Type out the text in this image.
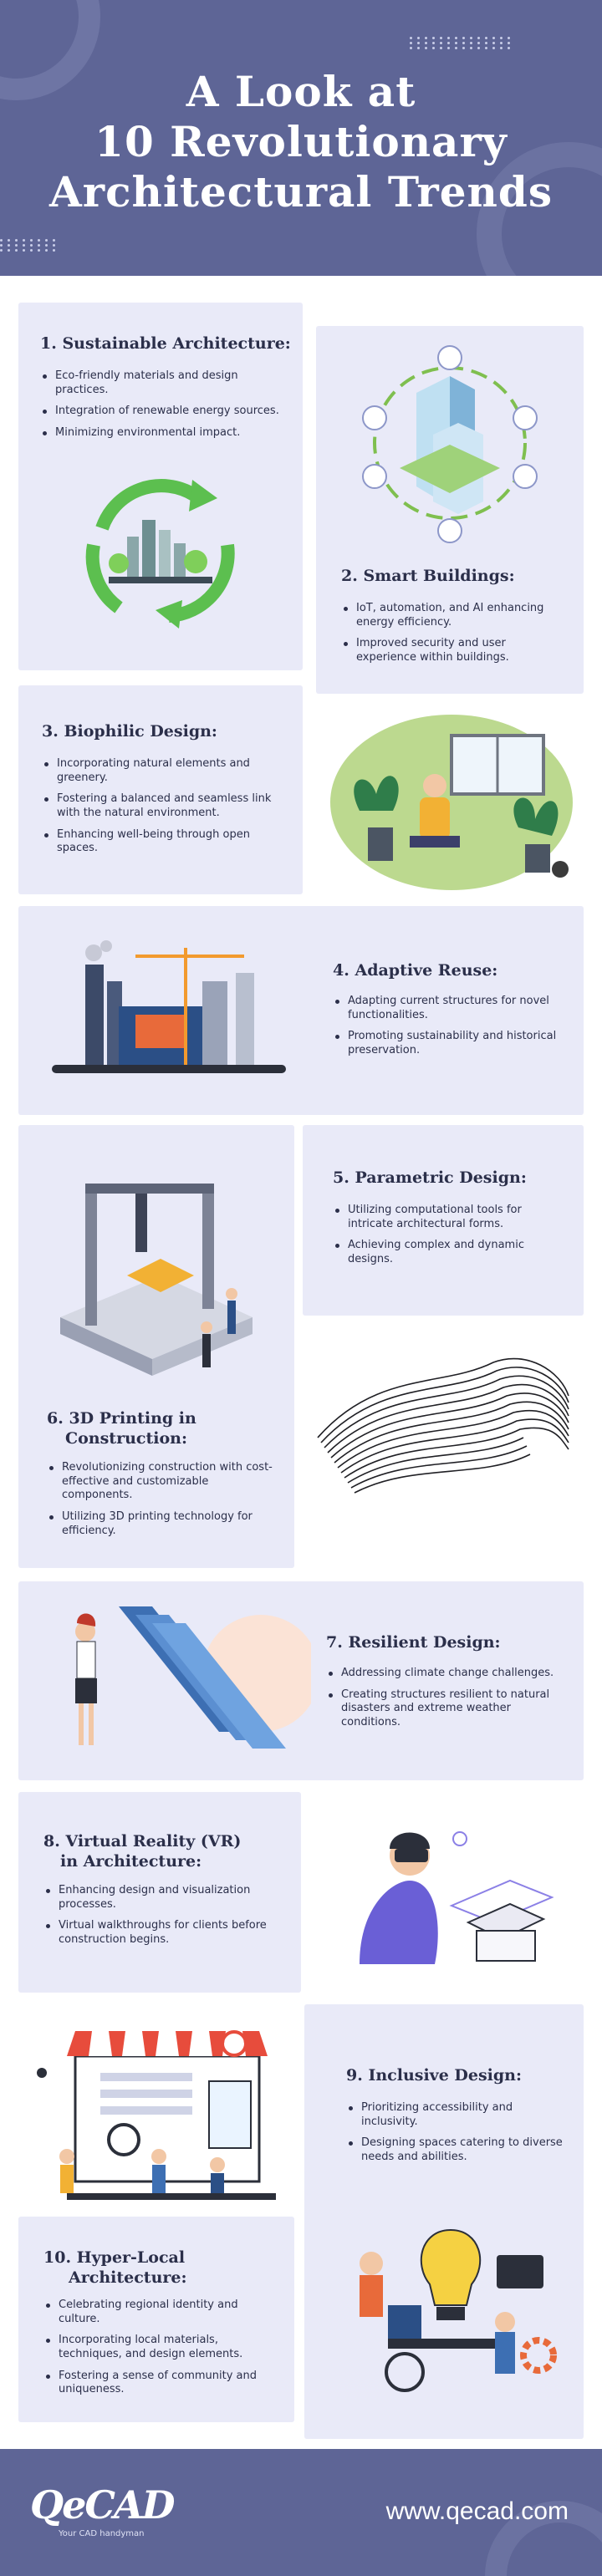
A Look at
10 Revolutionary
Architectural Trends
1. Sustainable Architecture:
Eco-friendly materials and design practices.
Integration of renewable energy sources.
Minimizing environmental impact.
2. Smart Buildings:
IoT, automation, and AI enhancing energy efficiency.
Improved security and user experience within buildings.
3. Biophilic Design:
Incorporating natural elements and greenery.
Fostering a balanced and seamless link with the natural environment.
Enhancing well-being through open spaces.
4. Adaptive Reuse:
Adapting current structures for novel functionalities.
Promoting sustainability and historical preservation.
5. Parametric Design:
Utilizing computational tools for intricate architectural forms.
Achieving complex and dynamic designs.
6. 3D Printing in
Construction:
Revolutionizing construction with cost-effective and customizable components.
Utilizing 3D printing technology for efficiency.
7. Resilient Design:
Addressing climate change challenges.
Creating structures resilient to natural disasters and extreme weather conditions.
8. Virtual Reality (VR)
in Architecture:
Enhancing design and visualization processes.
Virtual walkthroughs for clients before construction begins.
9. Inclusive Design:
Prioritizing accessibility and inclusivity.
Designing spaces catering to diverse needs and abilities.
10. Hyper-Local
Architecture:
Celebrating regional identity and culture.
Incorporating local materials, techniques, and design elements.
Fostering a sense of community and uniqueness.
QeCAD
Your CAD handyman
www.qecad.com
